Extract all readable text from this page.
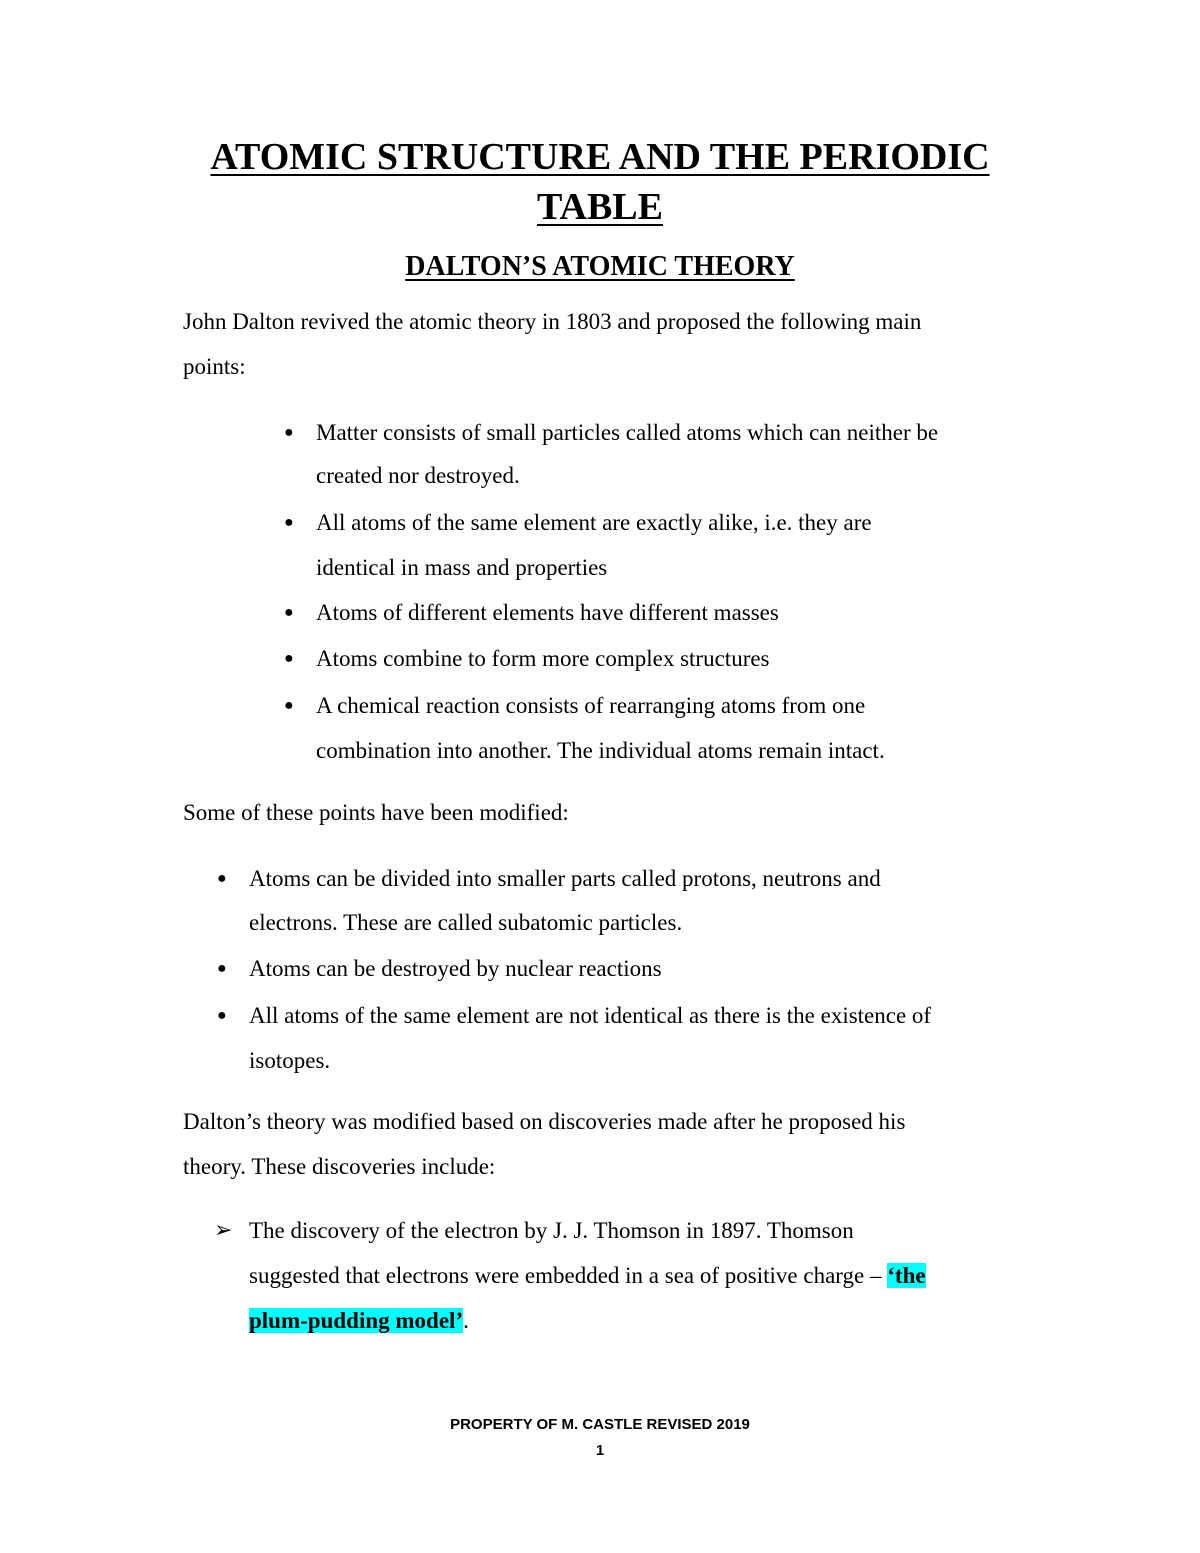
ATOMIC STRUCTURE AND THE PERIODIC
TABLE
DALTON’S ATOMIC THEORY
John Dalton revived the atomic theory in 1803 and proposed the following main
points:
● Matter consists of small particles called atoms which can neither be
created nor destroyed.
● All atoms of the same element are exactly alike, i.e. they are
identical in mass and properties
● Atoms of different elements have different masses
● Atoms combine to form more complex structures
● A chemical reaction consists of rearranging atoms from one
combination into another. The individual atoms remain intact.
Some of these points have been modified:
● Atoms can be divided into smaller parts called protons, neutrons and
electrons. These are called subatomic particles.
● Atoms can be destroyed by nuclear reactions
● All atoms of the same element are not identical as there is the existence of
isotopes.
Dalton’s theory was modified based on discoveries made after he proposed his
theory. These discoveries include:
➢ The discovery of the electron by J. J. Thomson in 1897. Thomson
suggested that electrons were embedded in a sea of positive charge – ‘the
plum-pudding model’.
PROPERTY OF M. CASTLE REVISED 2019
1
